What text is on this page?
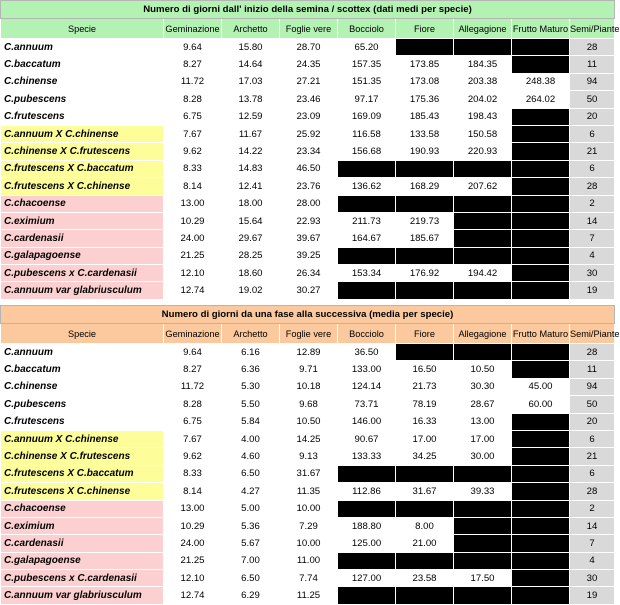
Numero di giorni dall' inizio della semina / scottex (dati medi per specie)								
Specie	Geminazione	Archetto	Foglie vere	Bocciolo	Fiore	Allegagione	Frutto Maturo	Semi/Piante
C.annuum	9.64	15.80	28.70	65.20				28
C.baccatum	8.27	14.64	24.35	157.35	173.85	184.35		11
C.chinense	11.72	17.03	27.21	151.35	173.08	203.38	248.38	94
C.pubescens	8.28	13.78	23.46	97.17	175.36	204.02	264.02	50
C.frutescens	6.75	12.59	23.09	169.09	185.43	198.43		20
C.annuum X C.chinense	7.67	11.67	25.92	116.58	133.58	150.58		6
C.chinense X C.frutescens	9.62	14.22	23.34	156.68	190.93	220.93		21
C.frutescens X C.baccatum	8.33	14.83	46.50					6
C.frutescens X C.chinense	8.14	12.41	23.76	136.62	168.29	207.62		28
C.chacoense	13.00	18.00	28.00					2
C.eximium	10.29	15.64	22.93	211.73	219.73			14
C.cardenasii	24.00	29.67	39.67	164.67	185.67			7
C.galapagoense	21.25	28.25	39.25					4
C.pubescens x C.cardenasii	12.10	18.60	26.34	153.34	176.92	194.42		30
C.annuum var glabriusculum	12.74	19.02	30.27					19
Numero di giorni da una fase alla successiva (media per specie)								
Specie	Geminazione	Archetto	Foglie vere	Bocciolo	Fiore	Allegagione	Frutto Maturo	Semi/Piante
C.annuum	9.64	6.16	12.89	36.50				28
C.baccatum	8.27	6.36	9.71	133.00	16.50	10.50		11
C.chinense	11.72	5.30	10.18	124.14	21.73	30.30	45.00	94
C.pubescens	8.28	5.50	9.68	73.71	78.19	28.67	60.00	50
C.frutescens	6.75	5.84	10.50	146.00	16.33	13.00		20
C.annuum X C.chinense	7.67	4.00	14.25	90.67	17.00	17.00		6
C.chinense X C.frutescens	9.62	4.60	9.13	133.33	34.25	30.00		21
C.frutescens X C.baccatum	8.33	6.50	31.67					6
C.frutescens X C.chinense	8.14	4.27	11.35	112.86	31.67	39.33		28
C.chacoense	13.00	5.00	10.00					2
C.eximium	10.29	5.36	7.29	188.80	8.00			14
C.cardenasii	24.00	5.67	10.00	125.00	21.00			7
C.galapagoense	21.25	7.00	11.00					4
C.pubescens x C.cardenasii	12.10	6.50	7.74	127.00	23.58	17.50		30
C.annuum var glabriusculum	12.74	6.29	11.25					19
